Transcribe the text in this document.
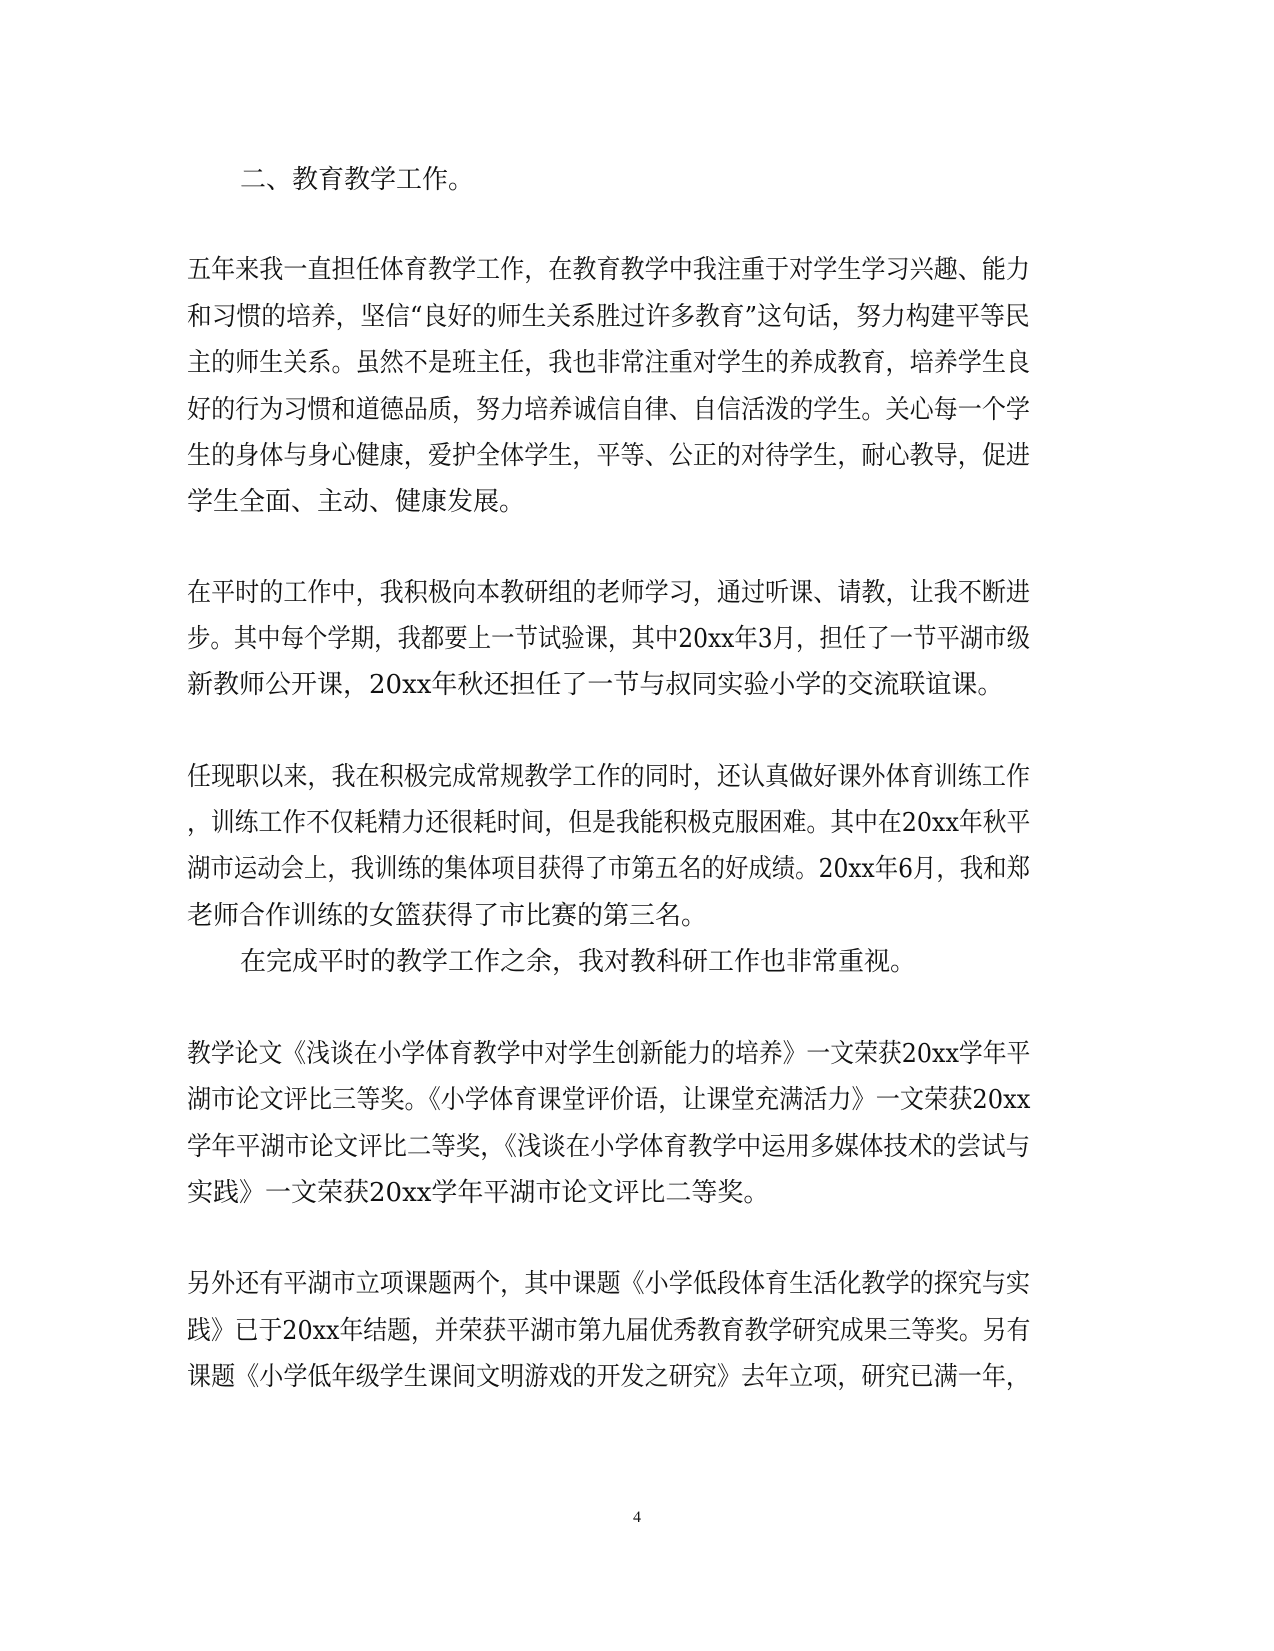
二、教育教学工作。
五年来我一直担任体育教学工作，在教育教学中我注重于对学生学习兴趣、能力
和习惯的培养，坚信“良好的师生关系胜过许多教育”这句话，努力构建平等民
主的师生关系。虽然不是班主任，我也非常注重对学生的养成教育，培养学生良
好的行为习惯和道德品质，努力培养诚信自律、自信活泼的学生。关心每一个学
生的身体与身心健康，爱护全体学生，平等、公正的对待学生，耐心教导，促进
学生全面、主动、健康发展。
在平时的工作中，我积极向本教研组的老师学习，通过听课、请教，让我不断进
步。其中每个学期，我都要上一节试验课，其中20xx年3月，担任了一节平湖市级
新教师公开课，20xx年秋还担任了一节与叔同实验小学的交流联谊课。
任现职以来，我在积极完成常规教学工作的同时，还认真做好课外体育训练工作
，训练工作不仅耗精力还很耗时间，但是我能积极克服困难。其中在20xx年秋平
湖市运动会上，我训练的集体项目获得了市第五名的好成绩。20xx年6月，我和郑
老师合作训练的女篮获得了市比赛的第三名。
在完成平时的教学工作之余，我对教科研工作也非常重视。
教学论文《浅谈在小学体育教学中对学生创新能力的培养》一文荣获20xx学年平
湖市论文评比三等奖。《小学体育课堂评价语，让课堂充满活力》一文荣获20xx
学年平湖市论文评比二等奖，《浅谈在小学体育教学中运用多媒体技术的尝试与
实践》一文荣获20xx学年平湖市论文评比二等奖。
另外还有平湖市立项课题两个，其中课题《小学低段体育生活化教学的探究与实
践》已于20xx年结题，并荣获平湖市第九届优秀教育教学研究成果三等奖。另有
课题《小学低年级学生课间文明游戏的开发之研究》去年立项，研究已满一年，
4
